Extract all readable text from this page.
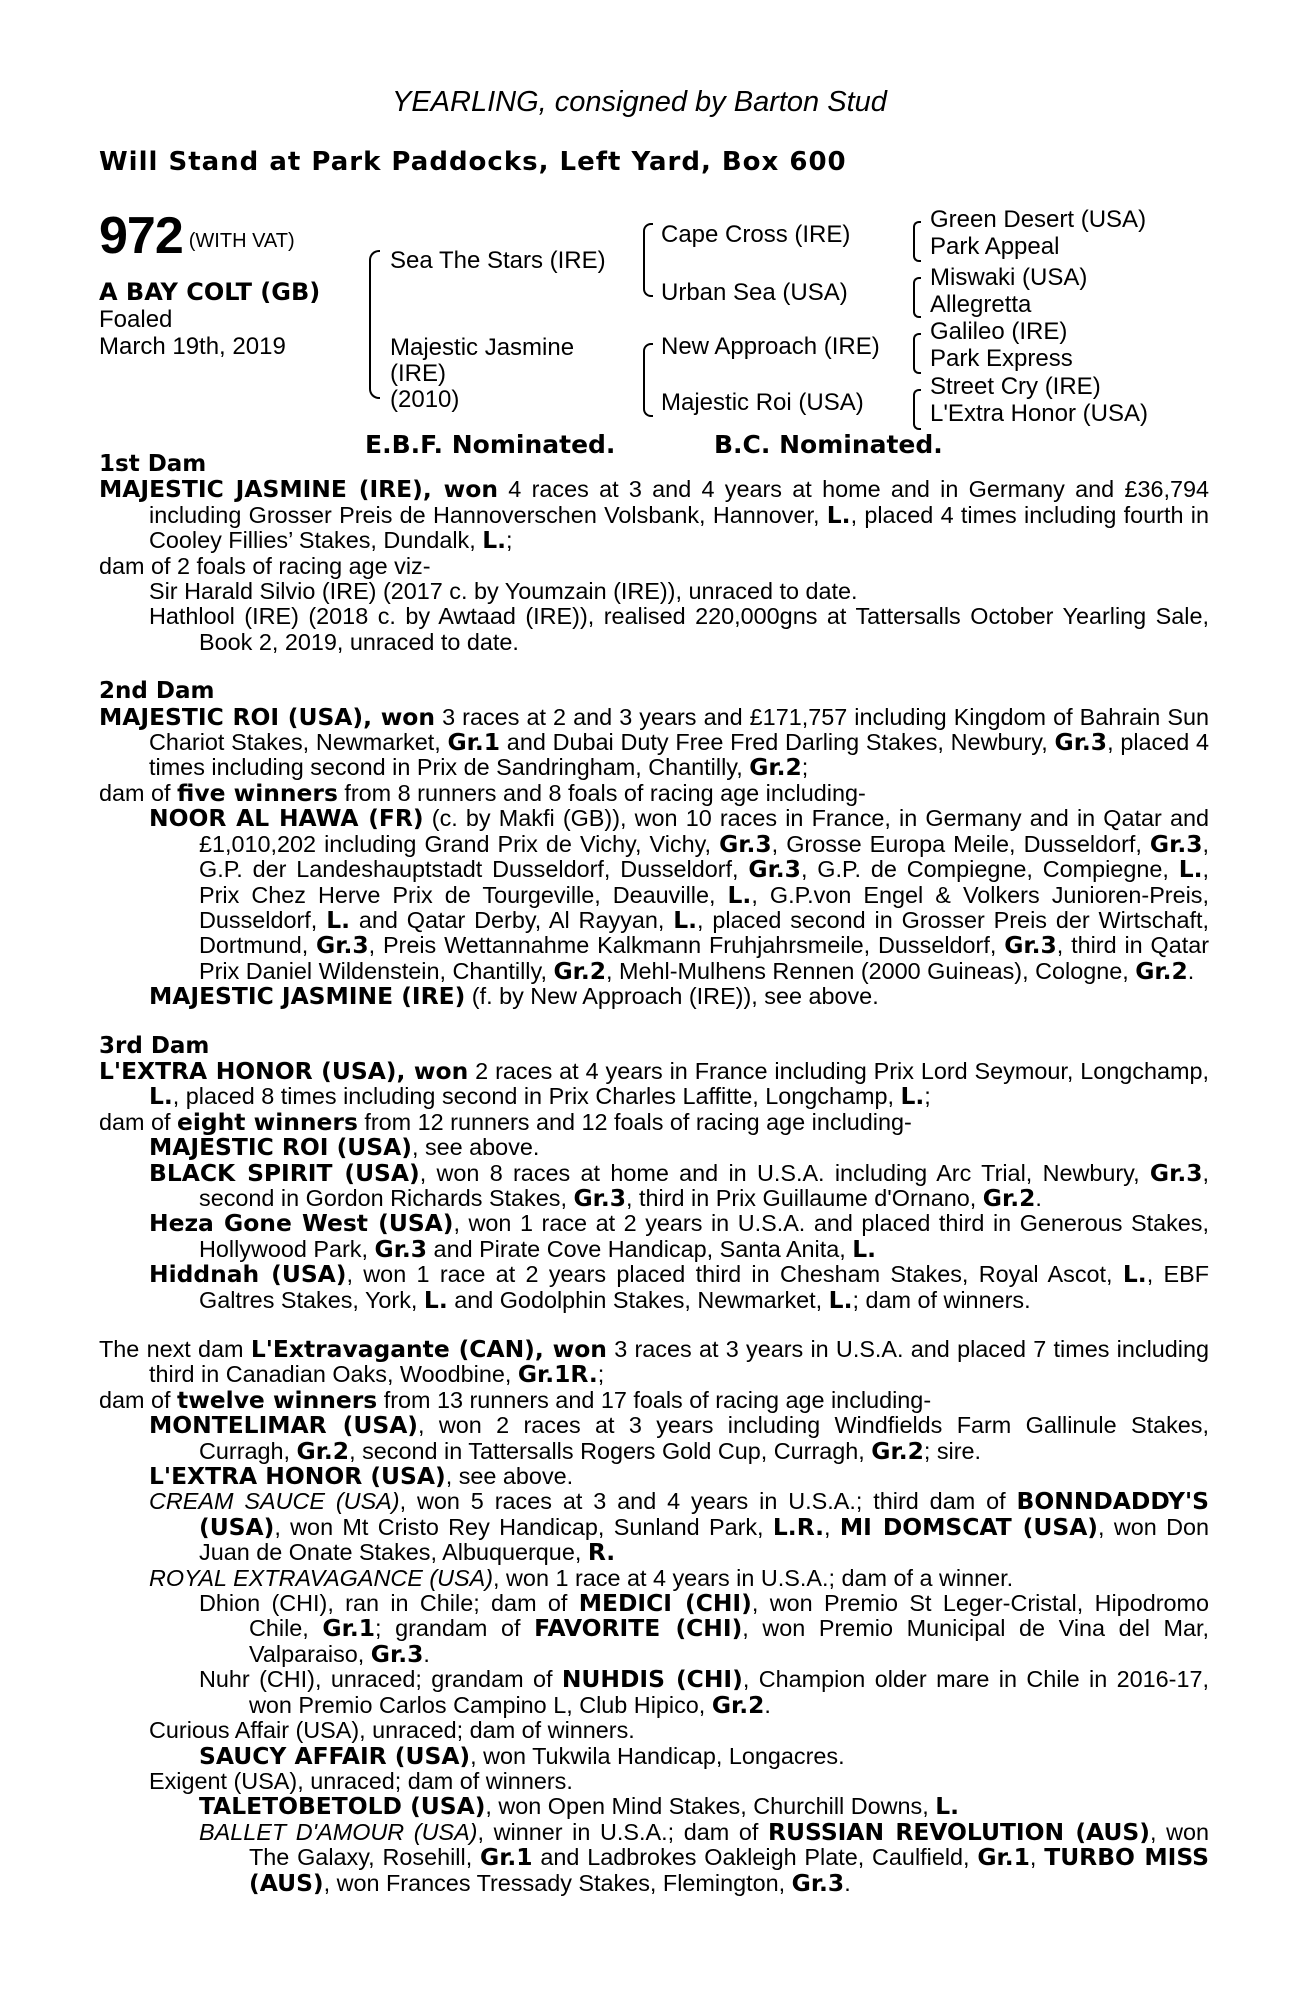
YEARLING, consigned by Barton Stud
Will Stand at Park Paddocks, Left Yard, Box 600
972 (WITH VAT)
A BAY COLT (GB)
Foaled
March 19th, 2019
Sea The Stars (IRE)
Majestic Jasmine
(IRE)
(2010)
Cape Cross (IRE)
Urban Sea (USA)
New Approach (IRE)
Majestic Roi (USA)
Green Desert (USA)
Park Appeal
Miswaki (USA)
Allegretta
Galileo (IRE)
Park Express
Street Cry (IRE)
L'Extra Honor (USA)
E.B.F. Nominated.	B.C. Nominated.
1st Dam
MAJESTIC JASMINE (IRE), won 4 races at 3 and 4 years at home and in Germany and £36,794 including Grosser Preis de Hannoverschen Volsbank, Hannover, L., placed 4 times including fourth in Cooley Fillies’ Stakes, Dundalk, L.;
dam of 2 foals of racing age viz-
Sir Harald Silvio (IRE) (2017 c. by Youmzain (IRE)), unraced to date.
Hathlool (IRE) (2018 c. by Awtaad (IRE)), realised 220,000gns at Tattersalls October Yearling Sale, Book 2, 2019, unraced to date.
2nd Dam
MAJESTIC ROI (USA), won 3 races at 2 and 3 years and £171,757 including Kingdom of Bahrain Sun Chariot Stakes, Newmarket, Gr.1 and Dubai Duty Free Fred Darling Stakes, Newbury, Gr.3, placed 4 times including second in Prix de Sandringham, Chantilly, Gr.2;
dam of five winners from 8 runners and 8 foals of racing age including-
NOOR AL HAWA (FR) (c. by Makfi (GB)), won 10 races in France, in Germany and in Qatar and £1,010,202 including Grand Prix de Vichy, Vichy, Gr.3, Grosse Europa Meile, Dusseldorf, Gr.3, G.P. der Landeshauptstadt Dusseldorf, Dusseldorf, Gr.3, G.P. de Compiegne, Compiegne, L., Prix Chez Herve Prix de Tourgeville, Deauville, L., G.P.von Engel & Volkers Junioren-Preis, Dusseldorf, L. and Qatar Derby, Al Rayyan, L., placed second in Grosser Preis der Wirtschaft, Dortmund, Gr.3, Preis Wettannahme Kalkmann Fruhjahrsmeile, Dusseldorf, Gr.3, third in Qatar Prix Daniel Wildenstein, Chantilly, Gr.2, Mehl-Mulhens Rennen (2000 Guineas), Cologne, Gr.2.
MAJESTIC JASMINE (IRE) (f. by New Approach (IRE)), see above.
3rd Dam
L'EXTRA HONOR (USA), won 2 races at 4 years in France including Prix Lord Seymour, Longchamp, L., placed 8 times including second in Prix Charles Laffitte, Longchamp, L.;
dam of eight winners from 12 runners and 12 foals of racing age including-
MAJESTIC ROI (USA), see above.
BLACK SPIRIT (USA), won 8 races at home and in U.S.A. including Arc Trial, Newbury, Gr.3, second in Gordon Richards Stakes, Gr.3, third in Prix Guillaume d'Ornano, Gr.2.
Heza Gone West (USA), won 1 race at 2 years in U.S.A. and placed third in Generous Stakes, Hollywood Park, Gr.3 and Pirate Cove Handicap, Santa Anita, L.
Hiddnah (USA), won 1 race at 2 years placed third in Chesham Stakes, Royal Ascot, L., EBF Galtres Stakes, York, L. and Godolphin Stakes, Newmarket, L.; dam of winners.
The next dam L'Extravagante (CAN), won 3 races at 3 years in U.S.A. and placed 7 times including third in Canadian Oaks, Woodbine, Gr.1R.;
dam of twelve winners from 13 runners and 17 foals of racing age including-
MONTELIMAR (USA), won 2 races at 3 years including Windfields Farm Gallinule Stakes, Curragh, Gr.2, second in Tattersalls Rogers Gold Cup, Curragh, Gr.2; sire.
L'EXTRA HONOR (USA), see above.
CREAM SAUCE (USA), won 5 races at 3 and 4 years in U.S.A.; third dam of BONNDADDY'S (USA), won Mt Cristo Rey Handicap, Sunland Park, L.R., MI DOMSCAT (USA), won Don Juan de Onate Stakes, Albuquerque, R.
ROYAL EXTRAVAGANCE (USA), won 1 race at 4 years in U.S.A.; dam of a winner.
Dhion (CHI), ran in Chile; dam of MEDICI (CHI), won Premio St Leger-Cristal, Hipodromo Chile, Gr.1; grandam of FAVORITE (CHI), won Premio Municipal de Vina del Mar, Valparaiso, Gr.3.
Nuhr (CHI), unraced; grandam of NUHDIS (CHI), Champion older mare in Chile in 2016-17, won Premio Carlos Campino L, Club Hipico, Gr.2.
Curious Affair (USA), unraced; dam of winners.
SAUCY AFFAIR (USA), won Tukwila Handicap, Longacres.
Exigent (USA), unraced; dam of winners.
TALETOBETOLD (USA), won Open Mind Stakes, Churchill Downs, L.
BALLET D'AMOUR (USA), winner in U.S.A.; dam of RUSSIAN REVOLUTION (AUS), won The Galaxy, Rosehill, Gr.1 and Ladbrokes Oakleigh Plate, Caulfield, Gr.1, TURBO MISS (AUS), won Frances Tressady Stakes, Flemington, Gr.3.
